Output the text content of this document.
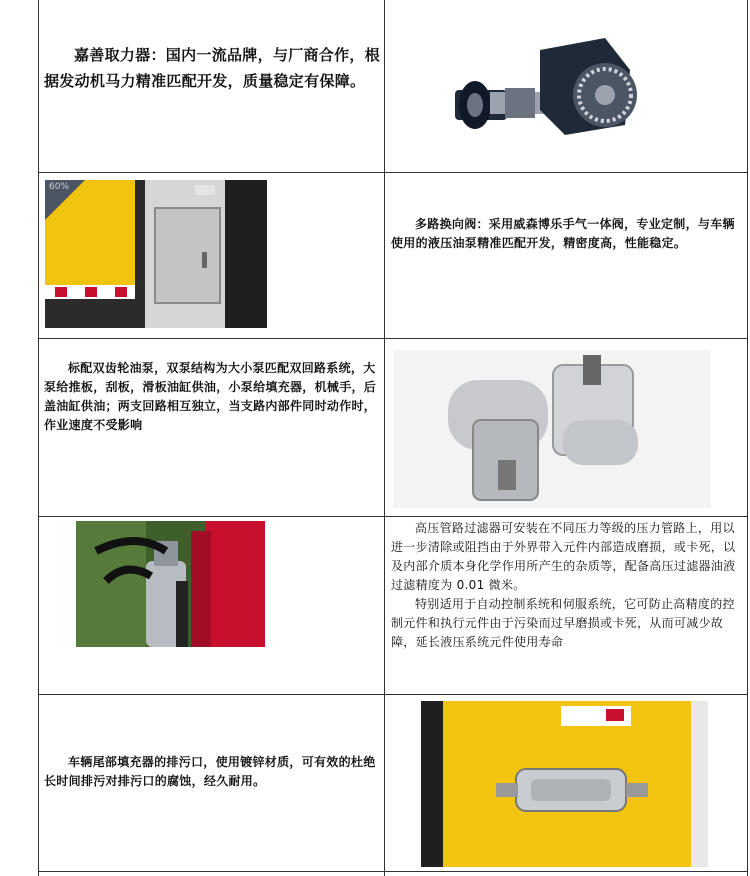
嘉善取力器：国内一流品牌，与厂商合作，根据发动机马力精准匹配开发，质量稳定有保障。

60%

多路换向阀：采用威森博乐手气一体阀，专业定制，与车辆使用的液压油泵精准匹配开发，精密度高，性能稳定。

标配双齿轮油泵，双泵结构为大小泵匹配双回路系统，大泵给推板，刮板，滑板油缸供油，小泵给填充器，机械手，后盖油缸供油；两支回路相互独立，当支路内部件同时动作时，作业速度不受影响

高压管路过滤器可安装在不同压力等级的压力管路上，用以进一步清除或阻挡由于外界带入元件内部造成磨损，或卡死，以及内部介质本身化学作用所产生的杂质等，配备高压过滤器油液过滤精度为 0.01 微米。

特别适用于自动控制系统和伺服系统，它可防止高精度的控制元件和执行元件由于污染而过早磨损或卡死，从而可减少故障，延长液压系统元件使用寿命

车辆尾部填充器的排污口，使用镀锌材质，可有效的杜绝长时间排污对排污口的腐蚀，经久耐用。
